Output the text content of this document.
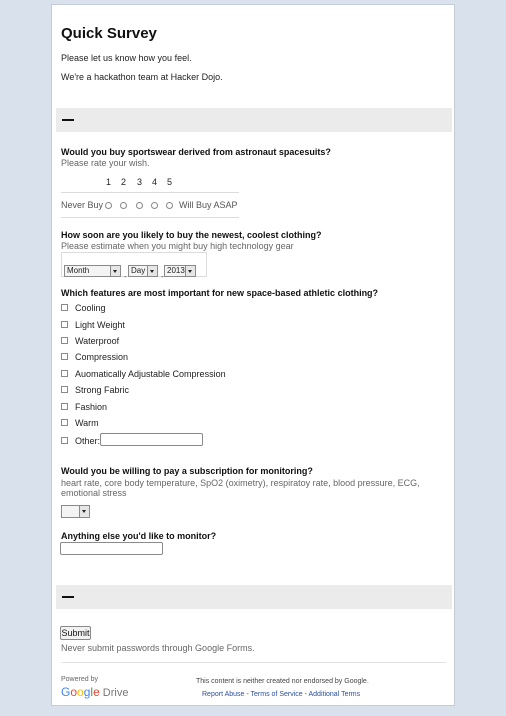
Quick Survey
Please let us know how you feel.
We're a hackathon team at Hacker Dojo.
Would you buy sportswear derived from astronaut spacesuits?
Please rate your wish.
1 2 3 4 5
Never Buy	Will Buy ASAP
How soon are you likely to buy the newest, coolest clothing?
Please estimate when you might buy high technology gear
Month
-
Day
-
2013
Which features are most important for new space-based athletic clothing?
Cooling
Light Weight
Waterproof
Compression
Auomatically Adjustable Compression
Strong Fabric
Fashion
Warm
Other:
Would you be willing to pay a subscription for monitoring?
heart rate, core body temperature, SpO2 (oximetry), respiratoy rate, blood pressure, ECG, emotional stress
Anything else you'd like to monitor?
Submit
Never submit passwords through Google Forms.
Powered by
Google Drive
This content is neither created nor endorsed by Google.
Report Abuse - Terms of Service - Additional Terms
